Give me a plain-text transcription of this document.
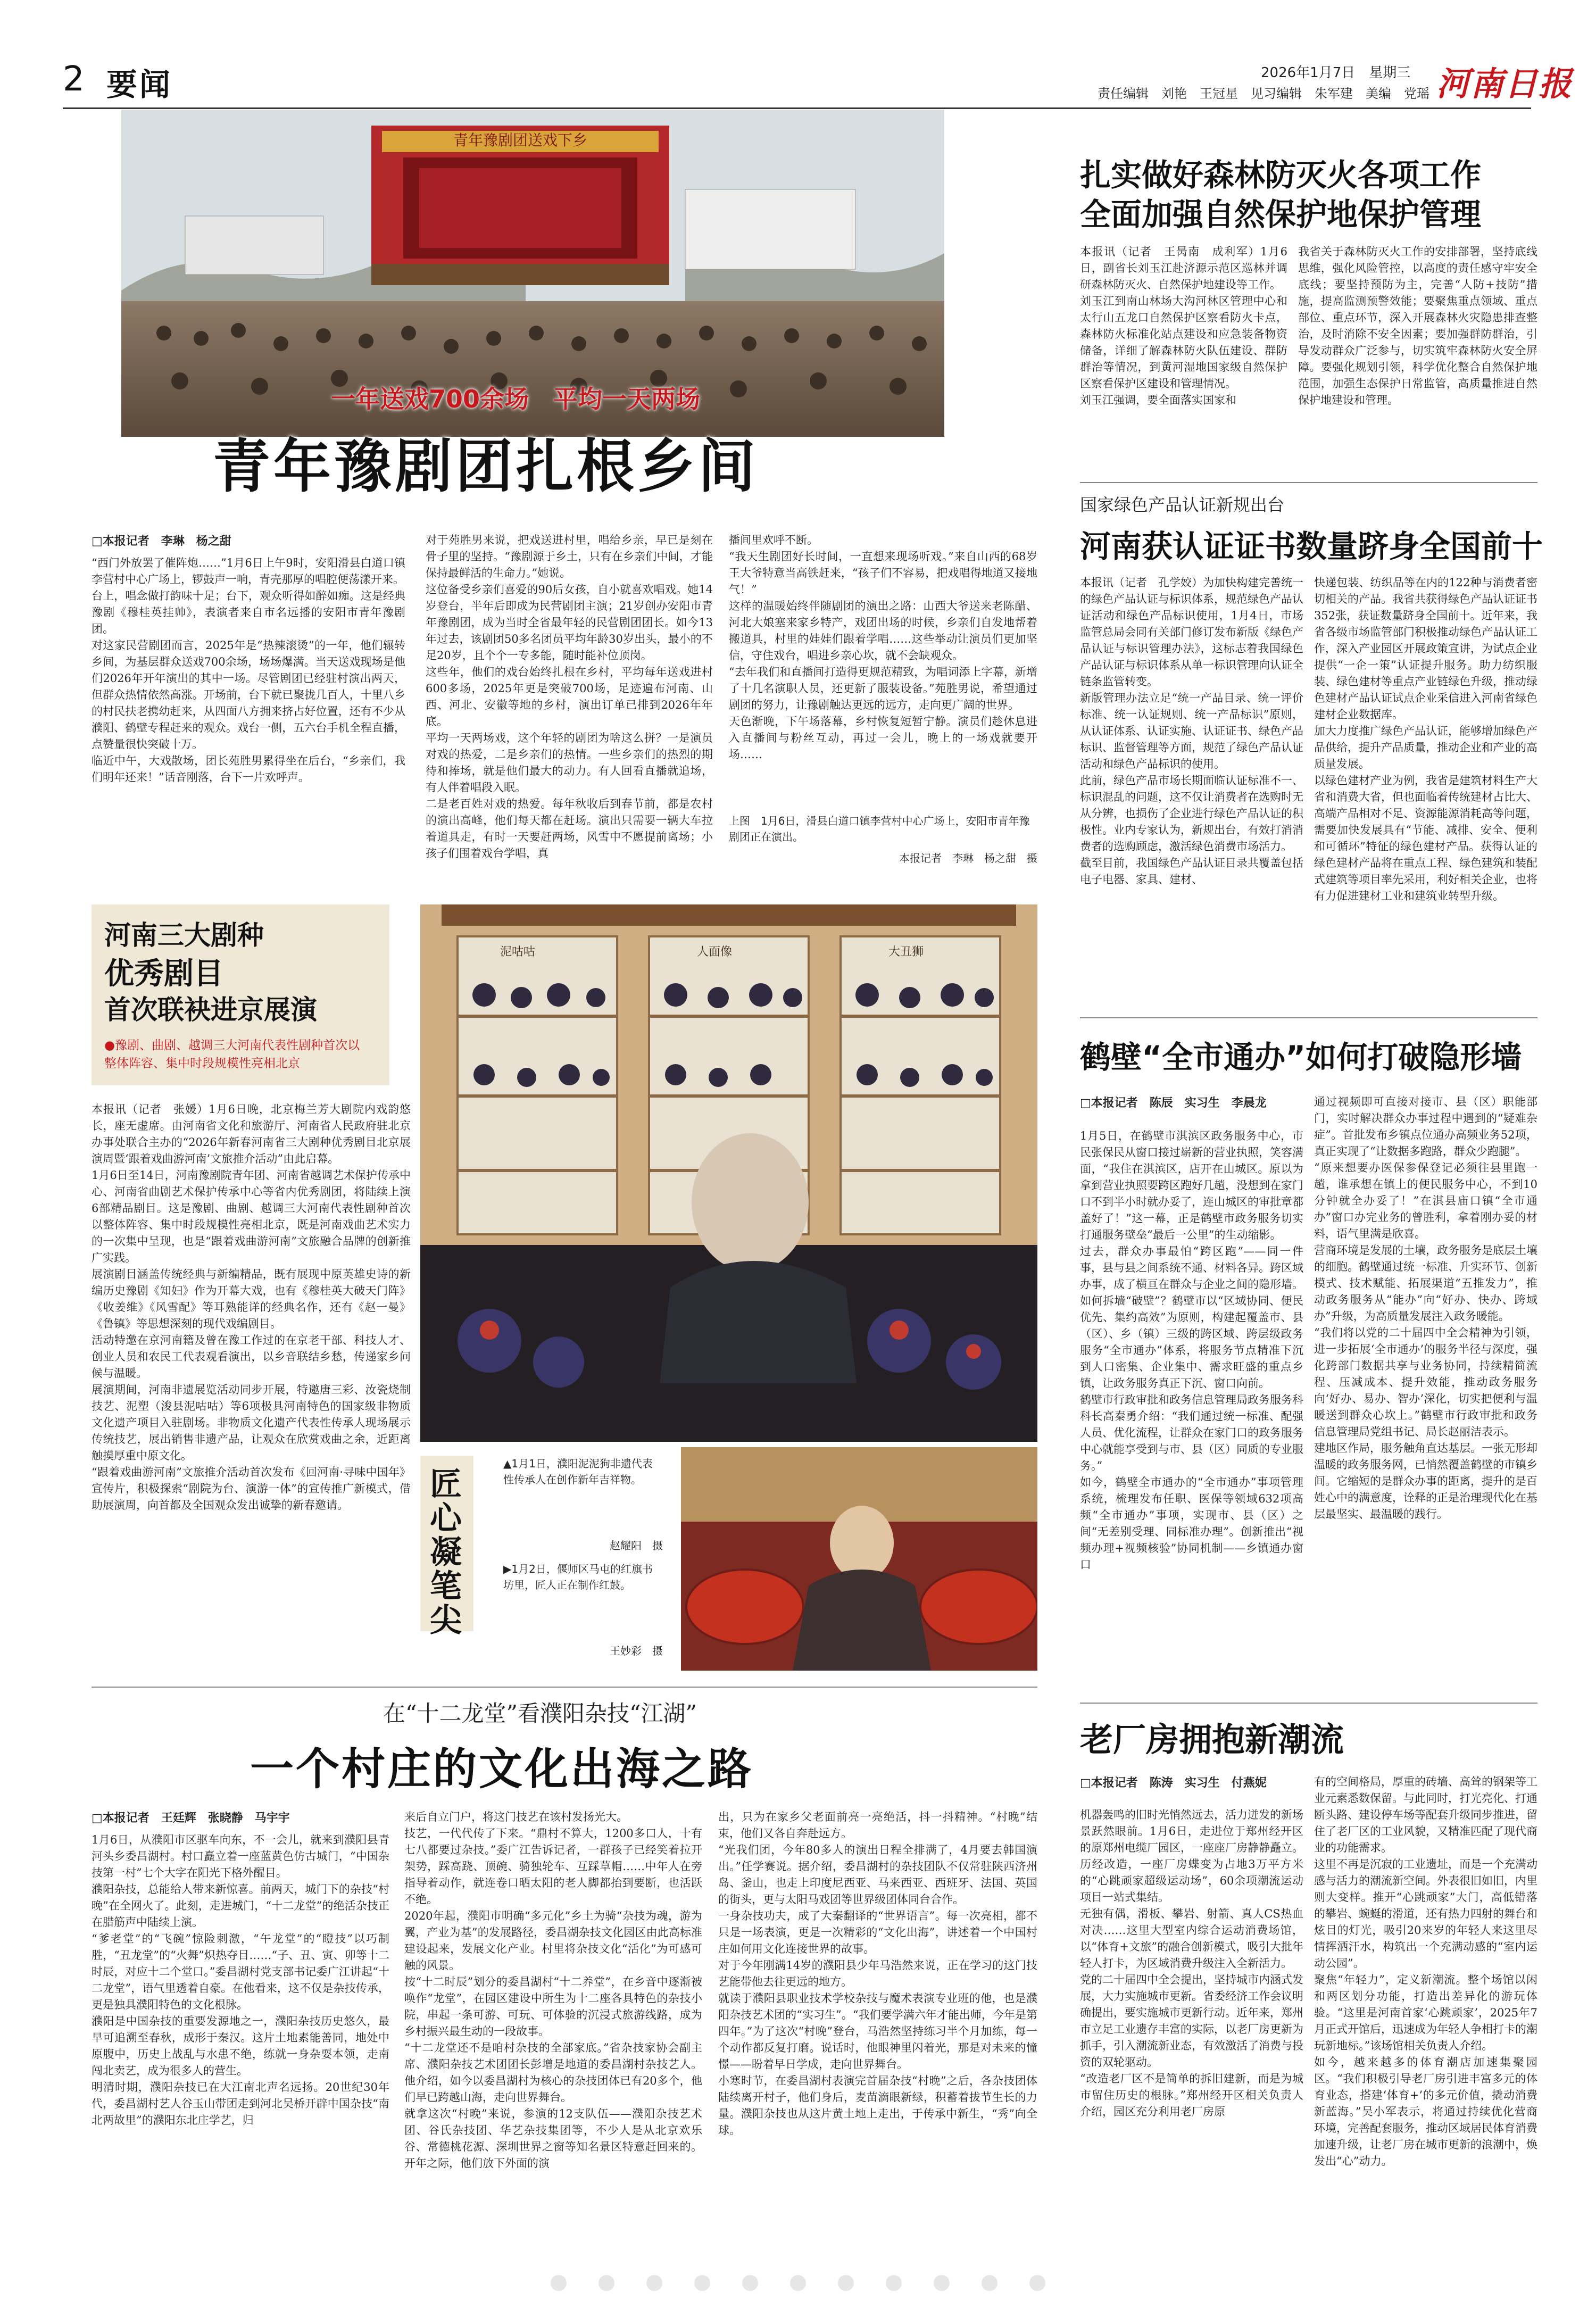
2 要闻	2026年1月7日　星期三
责任编辑　刘艳　王冠星　见习编辑　朱军建　美编　党瑶 河南日报
青年豫剧团送戏下乡
一年送戏700余场　平均一天两场
青年豫剧团扎根乡间
□本报记者　李琳　杨之甜
“西门外放罢了催阵炮……”1月6日上午9时，安阳滑县白道口镇李营村中心广场上，锣鼓声一响，青壳那厚的唱腔便荡漾开来。
台上，唱念做打韵味十足；台下，观众听得如醉如痴。这是经典豫剧《穆桂英挂帅》，表演者来自市名远播的安阳市青年豫剧团。
对这家民营剧团而言，2025年是“热辣滚烫”的一年，他们辗转乡间，为基层群众送戏700余场，场场爆满。当天送戏现场是他们2026年开年演出的其中一场。尽管剧团已经驻村演出两天，但群众热情依然高涨。开场前，台下就已聚拢几百人，十里八乡的村民扶老携幼赶来，从四面八方拥来挤占好位置，还有不少从濮阳、鹤壁专程赶来的观众。戏台一侧，五六台手机全程直播，点赞量很快突破十万。
临近中午，大戏散场，团长苑胜男累得坐在后台，“乡亲们，我们明年还来！”话音刚落，台下一片欢呼声。
对于苑胜男来说，把戏送进村里，唱给乡亲，早已是刻在骨子里的坚持。“豫剧源于乡土，只有在乡亲们中间，才能保持最鲜活的生命力。”她说。
这位备受乡亲们喜爱的90后女孩，自小就喜欢唱戏。她14岁登台，半年后即成为民营剧团主演；21岁创办安阳市青年豫剧团，成为当时全省最年轻的民营剧团团长。如今13年过去，该剧团50多名团员平均年龄30岁出头，最小的不足20岁，且个个一专多能，随时能补位顶岗。
这些年，他们的戏台始终扎根在乡村，平均每年送戏进村600多场，2025年更是突破700场，足迹遍布河南、山西、河北、安徽等地的乡村，演出订单已排到2026年年底。
平均一天两场戏，这个年轻的剧团为啥这么拼？一是演员对戏的热爱，二是乡亲们的热情。一些乡亲们的热烈的期待和捧场，就是他们最大的动力。有人回看直播就追场，有人伴着唱段入眠。
二是老百姓对戏的热爱。每年秋收后到春节前，都是农村的演出高峰，他们每天都在赶场。演出只需要一辆大车拉着道具走，有时一天要赶两场，风雪中不愿提前离场；小孩子们围着戏台学唱，真
播间里欢呼不断。
“我天生剧团好长时间，一直想来现场听戏。”来自山西的68岁王大爷特意当高铁赶来，“孩子们不容易，把戏唱得地道又接地气！”
这样的温暖始终伴随剧团的演出之路：山西大爷送来老陈醋、河北大娘塞来家乡特产，戏团出场的时候，乡亲们自发地帮着搬道具，村里的娃娃们跟着学唱……这些举动让演员们更加坚信，守住戏台，唱进乡亲心坎，就不会缺观众。
“去年我们和直播间打造得更规范精致，为唱词添上字幕，新增了十几名演职人员，还更新了服装设备。”苑胜男说，希望通过剧团的努力，让豫剧触达更远的远方，走向更广阔的世界。
天色渐晚，下午场落幕，乡村恢复短暂宁静。演员们趁休息进入直播间与粉丝互动，再过一会儿，晚上的一场戏就要开场……
上图　1月6日，滑县白道口镇李营村中心广场上，安阳市青年豫剧团正在演出。
本报记者　李琳　杨之甜　摄
河南三大剧种
优秀剧目
首次联袂进京展演
●豫剧、曲剧、越调三大河南代表性剧种首次以整体阵容、集中时段规模性亮相北京
本报讯（记者　张媛）1月6日晚，北京梅兰芳大剧院内戏韵悠长，座无虚席。由河南省文化和旅游厅、河南省人民政府驻北京办事处联合主办的“2026年新春河南省三大剧种优秀剧目北京展演周暨‘跟着戏曲游河南’文旅推介活动”由此启幕。
1月6日至14日，河南豫剧院青年团、河南省越调艺术保护传承中心、河南省曲剧艺术保护传承中心等省内优秀剧团，将陆续上演6部精品剧目。这是豫剧、曲剧、越调三大河南代表性剧种首次以整体阵容、集中时段规模性亮相北京，既是河南戏曲艺术实力的一次集中呈现，也是“跟着戏曲游河南”文旅融合品牌的创新推广实践。
展演剧目涵盖传统经典与新编精品，既有展现中原英雄史诗的新编历史豫剧《知妇》作为开幕大戏，也有《穆桂英大破天门阵》《收姜维》《风雪配》等耳熟能详的经典名作，还有《赵一曼》《鲁镇》等思想深刻的现代戏编剧目。
活动特邀在京河南籍及曾在豫工作过的在京老干部、科技人才、创业人员和农民工代表观看演出，以乡音联结乡愁，传递家乡问候与温暖。
展演期间，河南非遗展览活动同步开展，特邀唐三彩、汝瓷烧制技艺、泥塑（浚县泥咕咕）等6项极具河南特色的国家级非物质文化遗产项目入驻剧场。非物质文化遗产代表性传承人现场展示传统技艺，展出销售非遗产品，让观众在欣赏戏曲之余，近距离触摸厚重中原文化。
“跟着戏曲游河南”文旅推介活动首次发布《回河南·寻味中国年》宣传片，积极探索“剧院为台、演游一体”的宣传推广新模式，借助展演周，向首都及全国观众发出诚挚的新春邀请。
泥咕咕	人面像	大丑狮
匠
心
凝
笔
尖
▲1月1日，濮阳泥泥狗非遗代表性传承人在创作新年吉祥物。
赵耀阳　摄
▶1月2日，偃师区马屯的红旗书坊里，匠人正在制作红鼓。
王妙彩　摄
在“十二龙堂”看濮阳杂技“江湖”
一个村庄的文化出海之路
□本报记者　王廷辉　张晓静　马宇宇
1月6日，从濮阳市区驱车向东，不一会儿，就来到濮阳县青河头乡委昌湖村。村口矗立着一座蓝黄色仿古城门，“中国杂技第一村”七个大字在阳光下格外醒目。
濮阳杂技，总能给人带来新惊喜。前两天，城门下的杂技“村晚”在全网火了。此刻，走进城门，“十二龙堂”的绝活杂技正在腊筋声中陆续上演。
“爹老堂”的“飞碗”惊险刺激，“午龙堂”的“瞪技”以巧制胜，“丑龙堂”的“火舞”炽热夺目……“子、丑、寅、卯等十二时辰，对应十二个堂口。”委昌湖村党支部书记委广江讲起“十二龙堂”，语气里透着自豪。在他看来，这不仅是杂技传承，更是独具濮阳特色的文化根脉。
濮阳是中国杂技的重要发源地之一，濮阳杂技历史悠久，最早可追溯至春秋，成形于秦汉。这片土地素能善同，地处中原腹中，历史上战乱与水患不绝，练就一身杂耍本领，走南闯北卖艺，成为很多人的营生。
明清时期，濮阳杂技已在大江南北声名远扬。20世纪30年代，委昌湖村艺人谷玉山带团走到河北吴桥开辟中国杂技“南北两故里”的濮阳东北庄学艺，归
来后自立门户，将这门技艺在该村发扬光大。
技艺，一代代传了下来。“鼎村不算大，1200多口人，十有七八都要过杂技。”委广江告诉记者，一群孩子已经笑着拉开架势，踩高跷、顶碗、骑独轮车、互踩草帽……中年人在旁指导着动作，就连卷口晒太阳的老人脚都抬到要断，也活跃不绝。
2020年起，濮阳市明确“多元化”乡土为骑“杂技为魂，游为翼，产业为基”的发展路径，委昌湖杂技文化园区由此高标准建设起来，发展文化产业。村里将杂技文化“活化”为可感可触的风景。
按“十二时辰”划分的委昌湖村“十二养堂”，在乡音中逐渐被唤作“龙堂”，在园区建设中所生为十二座各具特色的杂技小院，串起一条可游、可玩、可体验的沉浸式旅游线路，成为乡村振兴最生动的一段故事。
“十二龙堂还不是咱村杂技的全部家底。”省杂技家协会副主席、濮阳杂技艺术团团长彭增是地道的委昌湖村杂技艺人。他介绍，如今以委昌湖村为核心的杂技团体已有20多个，他们早已跨越山海，走向世界舞台。
就拿这次“村晚”来说，参演的12支队伍——濮阳杂技艺术团、谷氏杂技团、华艺杂技集团等，不少人是从北京欢乐谷、常德桃花源、深圳世界之窗等知名景区特意赶回来的。开年之际，他们放下外面的演
出，只为在家乡父老面前亮一亮绝活，抖一抖精神。“村晚”结束，他们又各自奔赴远方。
“光我们团，今年80多人的演出日程全排满了，4月要去韩国演出。”任学赛说。据介绍，委昌湖村的杂技团队不仅常驻陕西济州岛、釜山，也走上印度尼西亚、马来西亚、西班牙、法国、英国的街头，更与太阳马戏团等世界级团体同台合作。
一身杂技功夫，成了大秦翻译的“世界语言”。每一次亮相，都不只是一场表演，更是一次精彩的“文化出海”，讲述着一个中国村庄如何用文化连接世界的故事。
对于今年刚满14岁的濮阳县少年马浩然来说，正在学习的这门技艺能带他去往更远的地方。
就读于濮阳县职业技术学校杂技与魔术表演专业班的他，也是濮阳杂技艺术团的“实习生”。“我们要学满六年才能出师，今年是第四年。”为了这次“村晚”登台，马浩然坚持练习半个月加练，每一个动作都反复打磨。说话时，他眼神里闪着光，那是对未来的憧憬——盼着早日学成，走向世界舞台。
小寒时节，在委昌湖村表演完首届杂技“村晚”之后，各杂技团体陆续离开村子，他们身后，麦苗滴眼新绿，积蓄着拔节生长的力量。濮阳杂技也从这片黄土地上走出，于传承中新生，“秀”向全球。
扎实做好森林防灭火各项工作
全面加强自然保护地保护管理
本报讯（记者　王昺南　成利军）1月6日，副省长刘玉江赴济源示范区巡林并调研森林防灭火、自然保护地建设等工作。
刘玉江到南山林场大沟河林区管理中心和太行山五龙口自然保护区察看防火卡点，森林防火标准化站点建设和应急装备物资储备，详细了解森林防火队伍建设、群防群治等情况，到黄河湿地国家级自然保护区察看保护区建设和管理情况。
刘玉江强调，要全面落实国家和
我省关于森林防灭火工作的安排部署，坚持底线思维，强化风险管控，以高度的责任感守牢安全底线；要坚持预防为主，完善“人防+技防”措施，提高监测预警效能；要聚焦重点领域、重点部位、重点环节，深入开展森林火灾隐患排查整治，及时消除不安全因素；要加强群防群治，引导发动群众广泛参与，切实筑牢森林防火安全屏障。要强化规划引领，科学优化整合自然保护地范围，加强生态保护日常监管，高质量推进自然保护地建设和管理。
国家绿色产品认证新规出台
河南获认证证书数量跻身全国前十
本报讯（记者　孔学姣）为加快构建完善统一的绿色产品认证与标识体系，规范绿色产品认证活动和绿色产品标识使用，1月4日，市场监管总局会同有关部门修订发布新版《绿色产品认证与标识管理办法》，这标志着我国绿色产品认证与标识体系从单一标识管理向认证全链条监管转变。
新版管理办法立足“统一产品目录、统一评价标准、统一认证规则、统一产品标识”原则，从认证体系、认证实施、认证证书、绿色产品标识、监督管理等方面，规范了绿色产品认证活动和绿色产品标识的使用。
此前，绿色产品市场长期面临认证标准不一、标识混乱的问题，这不仅让消费者在选购时无从分辨，也损伤了企业进行绿色产品认证的积极性。业内专家认为，新规出台，有效打消消费者的选购顾虑，激活绿色消费市场活力。
截至目前，我国绿色产品认证目录共覆盖包括电子电器、家具、建材、
快递包装、纺织品等在内的122种与消费者密切相关的产品。我省共获得绿色产品认证证书352张，获证数量跻身全国前十。近年来，我省各级市场监管部门积极推动绿色产品认证工作，深入产业园区开展政策宣讲，为试点企业提供“一企一策”认证提升服务。助力纺织服装、绿色建材等重点产业链绿色升级，推动绿色建材产品认证试点企业采信进入河南省绿色建材企业数据库。
加大力度推广绿色产品认证，能够增加绿色产品供给，提升产品质量，推动企业和产业的高质量发展。
以绿色建材产业为例，我省是建筑材料生产大省和消费大省，但也面临着传统建材占比大、高端产品相对不足、资源能源消耗高等问题，需要加快发展具有“节能、减排、安全、便利和可循环”特征的绿色建材产品。获得认证的绿色建材产品将在重点工程、绿色建筑和装配式建筑等项目率先采用，利好相关企业，也将有力促进建材工业和建筑业转型升级。
鹤壁“全市通办”如何打破隐形墙
□本报记者　陈辰　实习生　李晨龙
1月5日，在鹤壁市淇滨区政务服务中心，市民张保民从窗口接过崭新的营业执照，笑容满面，“我住在淇滨区，店开在山城区。原以为拿到营业执照要跨区跑好几趟，没想到在家门口不到半小时就办妥了，连山城区的审批章都盖好了！”这一幕，正是鹤壁市政务服务切实打通服务壁垒“最后一公里”的生动缩影。
过去，群众办事最怕“跨区跑”——同一件事，县与县之间系统不通、材料各异。跨区域办事，成了横亘在群众与企业之间的隐形墙。
如何拆墙“破壁”？鹤壁市以“区域协同、便民优先、集约高效”为原则，构建起覆盖市、县（区）、乡（镇）三级的跨区域、跨层级政务服务“全市通办”体系，将服务节点精准下沉到人口密集、企业集中、需求旺盛的重点乡镇，让政务服务真正下沉、窗口向前。
鹤壁市行政审批和政务信息管理局政务服务科科长高秦勇介绍：“我们通过统一标准、配强人员、优化流程，让群众在家门口的政务服务中心就能享受到与市、县（区）同质的专业服务。”
如今，鹤壁全市通办的“全市通办”事项管理系统，梳理发布任职、医保等领域632项高频“全市通办”事项，实现市、县（区）之间“无差别受理、同标准办理”。创新推出“视频办理+视频核验”协同机制——乡镇通办窗口
通过视频即可直接对接市、县（区）职能部门，实时解决群众办事过程中遇到的“疑难杂症”。首批发布乡镇点位通办高频业务52项，真正实现了“让数据多跑路，群众少跑腿”。
“原来想要办医保参保登记必须往县里跑一趟，谁承想在镇上的便民服务中心，不到10分钟就全办妥了！”在淇县庙口镇“全市通办”窗口办完业务的曾胜利，拿着刚办妥的材料，语气里满是欣喜。
营商环境是发展的土壤，政务服务是底层土壤的细胞。鹤壁通过统一标准、升实环节、创新模式、技术赋能、拓展渠道“五推发力”，推动政务服务从“能办”向“好办、快办、跨域办”升级，为高质量发展注入政务暖能。
“我们将以党的二十届四中全会精神为引领，进一步拓展‘全市通办’的服务半径与深度，强化跨部门数据共享与业务协同，持续精简流程、压减成本、提升效能，推动政务服务向‘好办、易办、智办’深化，切实把便利与温暖送到群众心坎上。”鹤壁市行政审批和政务信息管理局党组书记、局长赵丽洁表示。
建地区作局，服务触角直达基层。一张无形却温暖的政务服务网，已悄然覆盖鹤壁的市镇乡间。它缩短的是群众办事的距离，提升的是百姓心中的满意度，诠释的正是治理现代化在基层最坚实、最温暖的践行。
老厂房拥抱新潮流
□本报记者　陈涛　实习生　付燕妮
机器轰鸣的旧时光悄然远去，活力迸发的新场景跃然眼前。1月6日，走进位于郑州经开区的原郑州电缆厂园区，一座座厂房静静矗立。历经改造，一座厂房蝶变为占地3万平方米的“心跳顽家超级运动场”，60余项潮流运动项目一站式集结。
无独有偶，滑板、攀岩、射箭、真人CS热血对决……这里大型室内综合运动消费场馆，以“体育+文旅”的融合创新模式，吸引大批年轻人打卡，为区域消费升级注入全新活力。
党的二十届四中全会提出，坚持城市内涵式发展，大力实施城市更新。省委经济工作会议明确提出，要实施城市更新行动。近年来，郑州市立足工业遗存丰富的实际，以老厂房更新为抓手，引入潮流新业态，有效激活了消费与投资的双轮驱动。
“改造老厂区不是简单的拆旧建新，而是为城市留住历史的根脉。”郑州经开区相关负责人介绍，园区充分利用老厂房原
有的空间格局，厚重的砖墙、高耸的钢架等工业元素悉数保留。与此同时，打光亮化、打通断头路、建设停车场等配套升级同步推进，留住了老厂区的工业风貌，又精准匹配了现代商业的功能需求。
这里不再是沉寂的工业遗址，而是一个充满动感与活力的潮流新空间。外表很旧如旧，内里则大变样。推开“心跳顽家”大门，高低错落的攀岩、蜿蜒的滑道，还有热力四射的舞台和炫目的灯光，吸引20来岁的年轻人来这里尽情挥洒汗水，构筑出一个充满动感的“室内运动公园”。
聚焦“年轻力”，定义新潮流。整个场馆以闲和两区划分功能，打造出差异化的游玩体验。“这里是河南首家‘心跳顽家’，2025年7月正式开馆后，迅速成为年轻人争相打卡的潮玩新地标。”该场馆相关负责人介绍。
如今，越来越多的体育潮店加速集聚园区。“我们积极引导老厂房引进丰富多元的体育业态，搭建‘体育+’的多元价值，撬动消费新蓝海。”吴小军表示，将通过持续优化营商环境，完善配套服务，推动区域居民体育消费加速升级，让老厂房在城市更新的浪潮中，焕发出“心”动力。
